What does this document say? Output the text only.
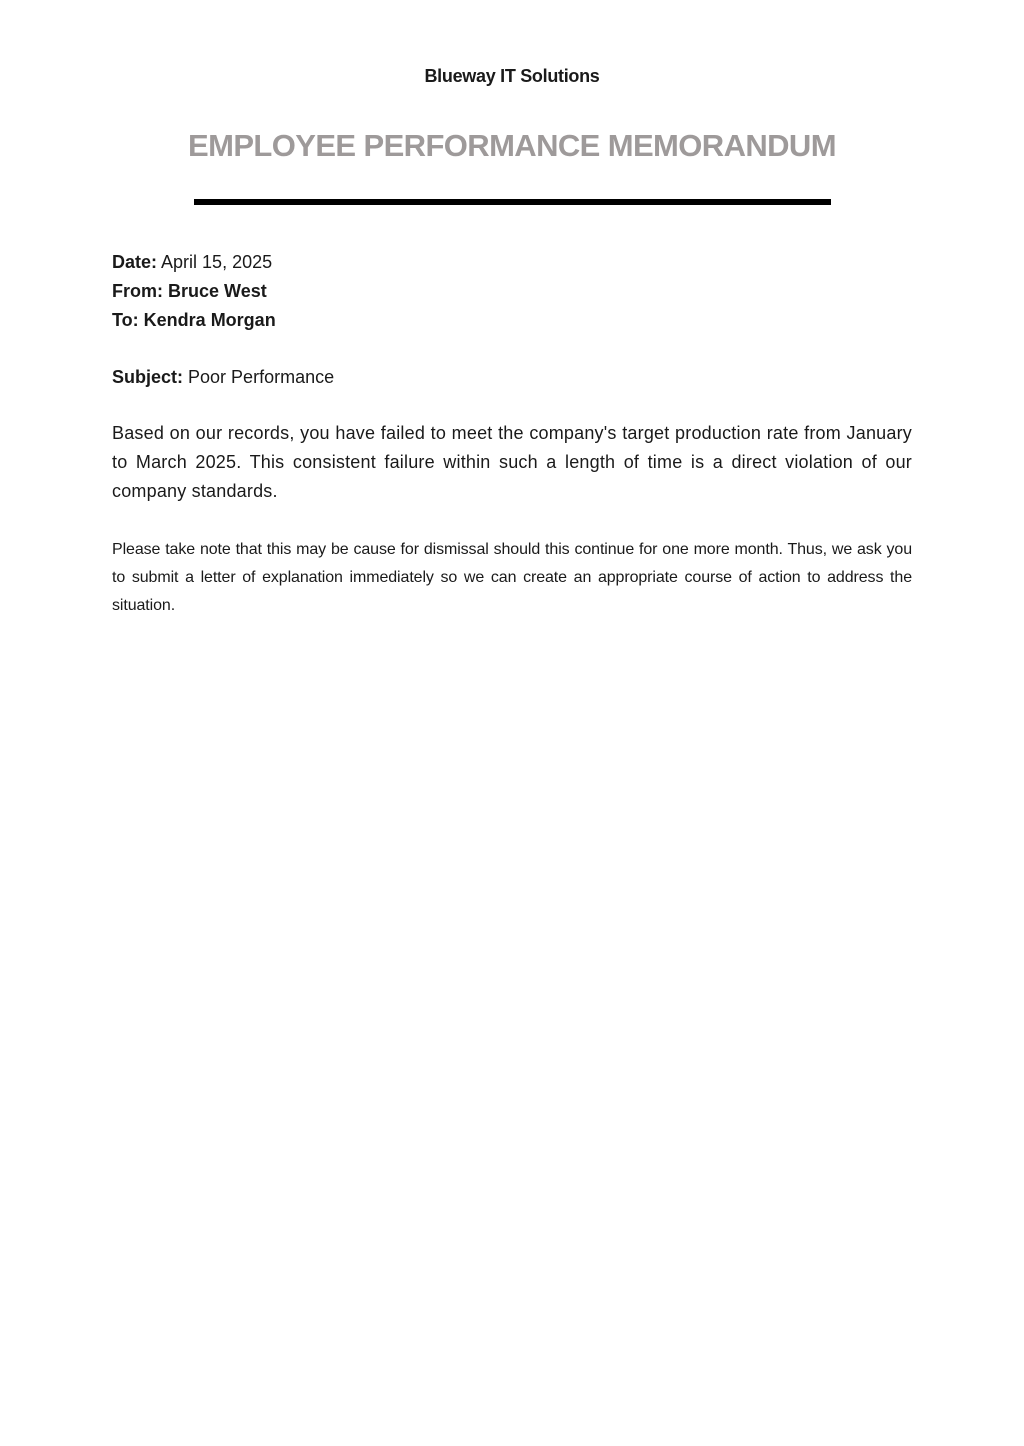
Blueway IT Solutions
EMPLOYEE PERFORMANCE MEMORANDUM
Date: April 15, 2025
From: Bruce West
To: Kendra Morgan
Subject: Poor Performance

Based on our records, you have failed to meet the company's target production rate from January to March 2025. This consistent failure within such a length of time is a direct violation of our company standards.

Please take note that this may be cause for dismissal should this continue for one more month. Thus, we ask you to submit a letter of explanation immediately so we can create an appropriate course of action to address the situation.
